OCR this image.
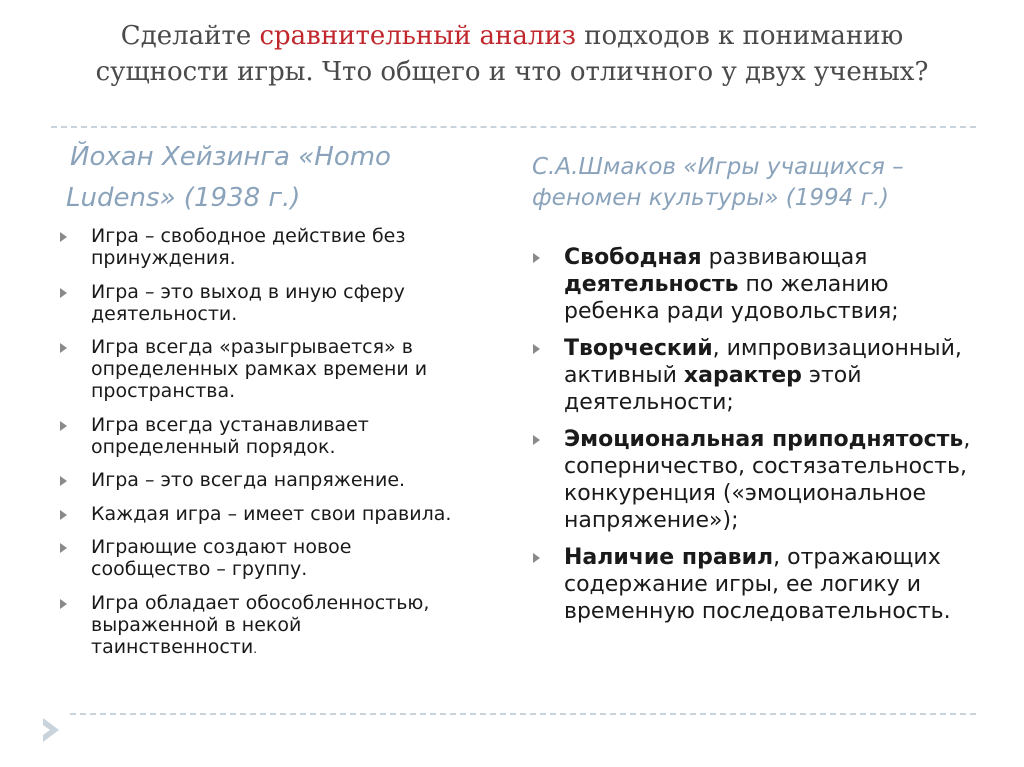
Сделайте сравнительный анализ подходов к пониманию сущности игры. Что общего и что отличного у двух ученых?
Йохан Хейзинга «Homo Ludens» (1938 г.)
Игра – свободное действие без принуждения.
Игра – это выход в иную сферу деятельности.
Игра всегда «разыгрывается» в определенных рамках времени и пространства.
Игра всегда устанавливает определенный порядок.
Игра – это всегда напряжение.
Каждая игра – имеет свои правила.
Играющие создают новое сообщество – группу.
Игра обладает обособленностью, выраженной в некой таинственности.
С.А.Шмаков «Игры учащихся – феномен культуры» (1994 г.)
Свободная развивающая деятельность по желанию ребенка ради удовольствия;
Творческий, импровизационный, активный характер этой деятельности;
Эмоциональная приподнятость, соперничество, состязательность, конкуренция («эмоциональное напряжение»);
Наличие правил, отражающих содержание игры, ее логику и временную последовательность.
